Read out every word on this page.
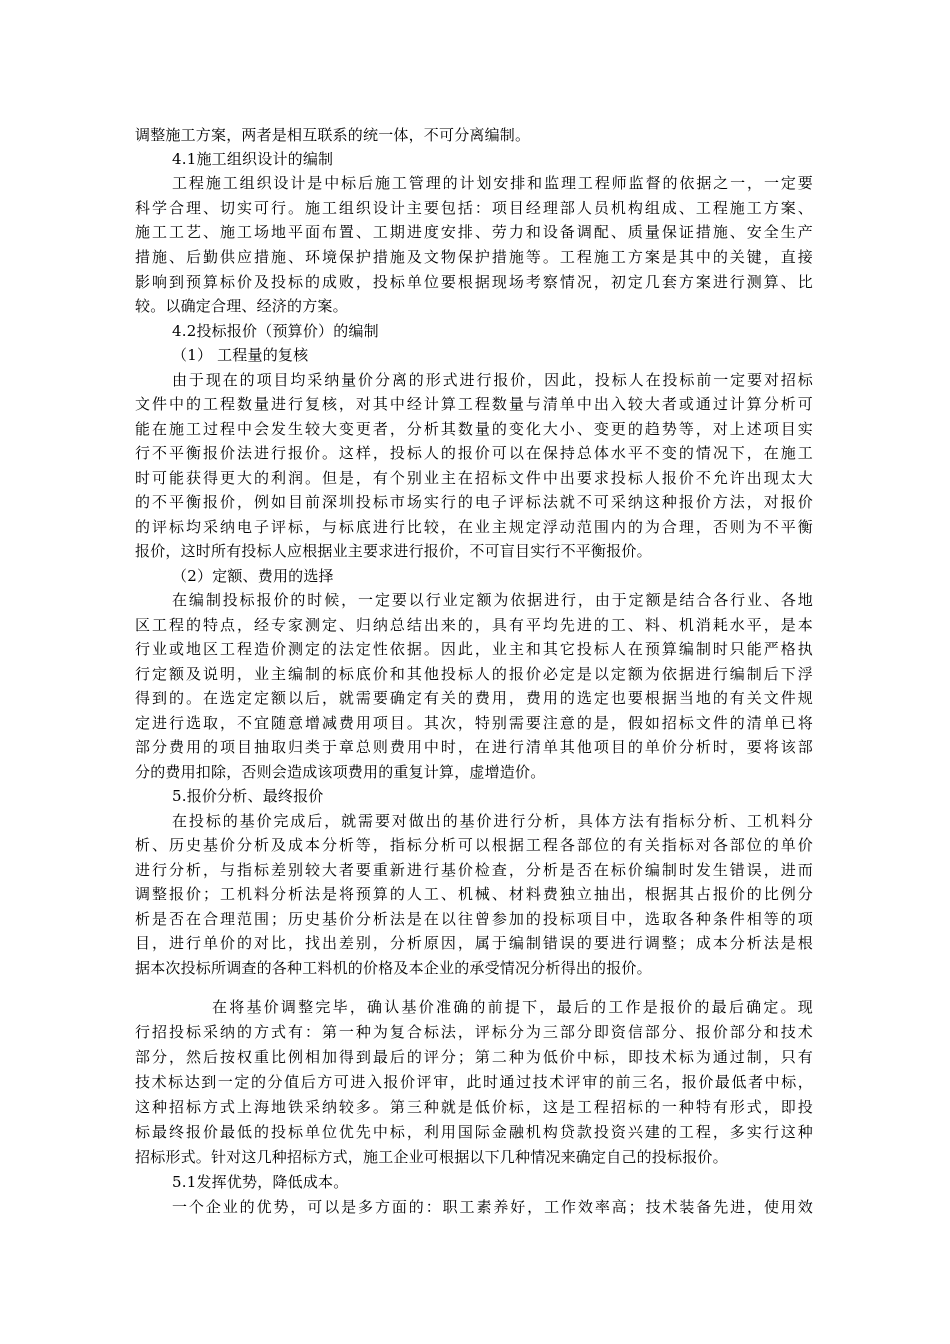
调整施工方案，两者是相互联系的统一体，不可分离编制。
4.1施工组织设计的编制
工程施工组织设计是中标后施工管理的计划安排和监理工程师监督的依据之一，一定要
科学合理、切实可行。施工组织设计主要包括：项目经理部人员机构组成、工程施工方案、
施工工艺、施工场地平面布置、工期进度安排、劳力和设备调配、质量保证措施、安全生产
措施、后勤供应措施、环境保护措施及文物保护措施等。工程施工方案是其中的关键，直接
影响到预算标价及投标的成败，投标单位要根据现场考察情况，初定几套方案进行测算、比
较。以确定合理、经济的方案。
4.2投标报价（预算价）的编制
（1） 工程量的复核
由于现在的项目均采纳量价分离的形式进行报价，因此，投标人在投标前一定要对招标
文件中的工程数量进行复核，对其中经计算工程数量与清单中出入较大者或通过计算分析可
能在施工过程中会发生较大变更者，分析其数量的变化大小、变更的趋势等，对上述项目实
行不平衡报价法进行报价。这样，投标人的报价可以在保持总体水平不变的情况下，在施工
时可能获得更大的利润。但是，有个别业主在招标文件中出要求投标人报价不允许出现太大
的不平衡报价，例如目前深圳投标市场实行的电子评标法就不可采纳这种报价方法，对报价
的评标均采纳电子评标，与标底进行比较，在业主规定浮动范围内的为合理，否则为不平衡
报价，这时所有投标人应根据业主要求进行报价，不可盲目实行不平衡报价。
（2）定额、费用的选择
在编制投标报价的时候，一定要以行业定额为依据进行，由于定额是结合各行业、各地
区工程的特点，经专家测定、归纳总结出来的，具有平均先进的工、料、机消耗水平，是本
行业或地区工程造价测定的法定性依据。因此，业主和其它投标人在预算编制时只能严格执
行定额及说明，业主编制的标底价和其他投标人的报价必定是以定额为依据进行编制后下浮
得到的。在选定定额以后，就需要确定有关的费用，费用的选定也要根据当地的有关文件规
定进行选取，不宜随意增减费用项目。其次，特别需要注意的是，假如招标文件的清单已将
部分费用的项目抽取归类于章总则费用中时，在进行清单其他项目的单价分析时，要将该部
分的费用扣除，否则会造成该项费用的重复计算，虚增造价。
5.报价分析、最终报价
在投标的基价完成后，就需要对做出的基价进行分析，具体方法有指标分析、工机料分
析、历史基价分析及成本分析等，指标分析可以根据工程各部位的有关指标对各部位的单价
进行分析，与指标差别较大者要重新进行基价检查，分析是否在标价编制时发生错误，进而
调整报价；工机料分析法是将预算的人工、机械、材料费独立抽出，根据其占报价的比例分
析是否在合理范围；历史基价分析法是在以往曾参加的投标项目中，选取各种条件相等的项
目，进行单价的对比，找出差别，分析原因，属于编制错误的要进行调整；成本分析法是根
据本次投标所调查的各种工料机的价格及本企业的承受情况分析得出的报价。
在将基价调整完毕，确认基价准确的前提下，最后的工作是报价的最后确定。现
行招投标采纳的方式有：第一种为复合标法，评标分为三部分即资信部分、报价部分和技术
部分，然后按权重比例相加得到最后的评分；第二种为低价中标，即技术标为通过制，只有
技术标达到一定的分值后方可进入报价评审，此时通过技术评审的前三名，报价最低者中标，
这种招标方式上海地铁采纳较多。第三种就是低价标，这是工程招标的一种特有形式，即投
标最终报价最低的投标单位优先中标，利用国际金融机构贷款投资兴建的工程，多实行这种
招标形式。针对这几种招标方式，施工企业可根据以下几种情况来确定自己的投标报价。
5.1发挥优势，降低成本。
一个企业的优势，可以是多方面的：职工素养好，工作效率高；技术装备先进，使用效
